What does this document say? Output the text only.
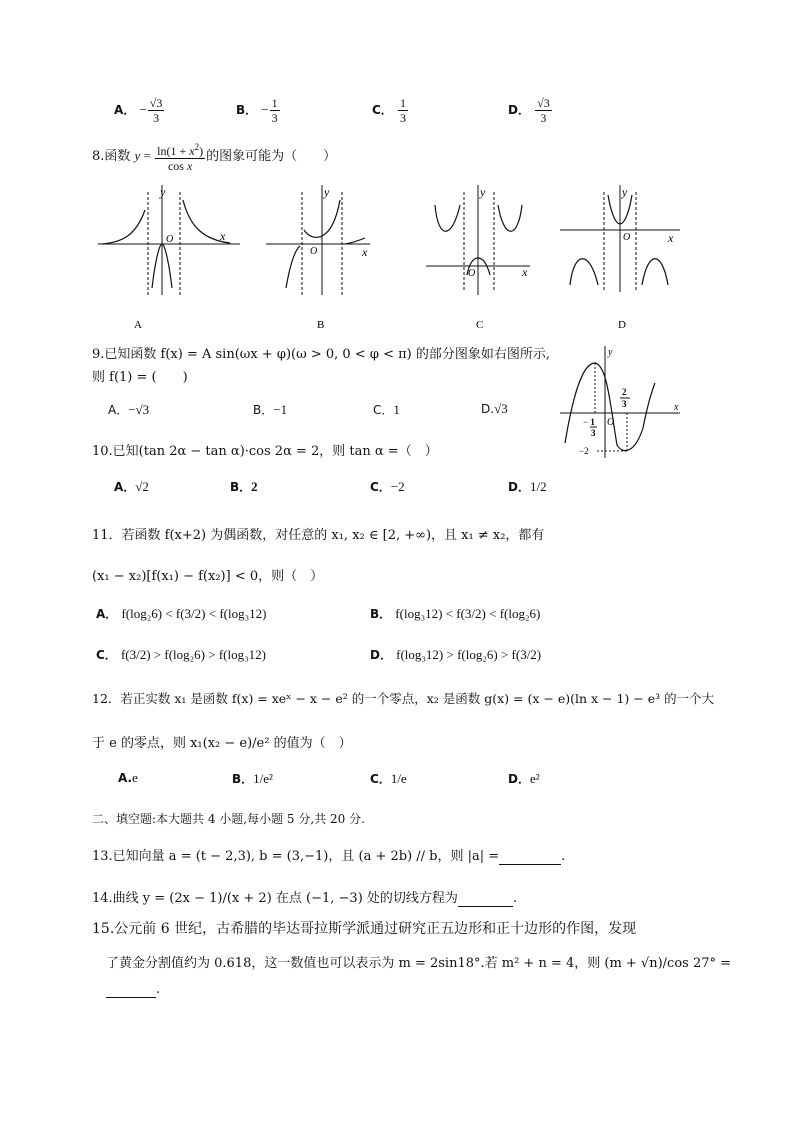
A． − $\frac{√3}{3}$	B． − $\frac{1}{3}$	C． $\frac{1}{3}$	D． $\frac{√3}{3}$
8.函数 $y = \frac{\ln(1 + x^2)}{\text{cos x}}$ 的图象可能为（　　）
y
x
O
A
y
x
O
B
y
x
O
C
y
x
O
D
9.已知函数 f(x) = A sin(ωx + φ)(ω > 0, 0 < φ < π) 的部分图象如右图所示,
则 f(1) = (　　)
A．−√3	B．−1	C．1	D.√3
y
x
O
− 1
3
2
3
−2
10.已知(tan 2α − tan α)·cos 2α = 2，则 tan α =（　）
A．√2	B．2	C．−2	D．1/2
11．若函数 f(x+2) 为偶函数，对任意的 x₁, x₂ ∈ [2, +∞)，且 x₁ ≠ x₂，都有
(x₁ − x₂)[f(x₁) − f(x₂)] < 0，则（　）
A． f(log₂6) < f(3/2) < f(log₃12)	B． f(log₃12) < f(3/2) < f(log₂6)
C． f(3/2) > f(log₂6) > f(log₃12)	D． f(log₃12) > f(log₂6) > f(3/2)
12．若正实数 x₁ 是函数 f(x) = xeˣ − x − e² 的一个零点，x₂ 是函数 g(x) = (x − e)(ln x − 1) − e³ 的一个大
于 e 的零点，则 x₁(x₂ − e)/e² 的值为（　）
A.e	B．1/e²	C．1/e	D．e²
二、填空题:本大题共 4 小题,每小题 5 分,共 20 分.
13.已知向量 a = (t − 2,3), b = (3,−1)，且 (a + 2b) // b，则 |a| =	.
14.曲线 y = (2x − 1)/(x + 2) 在点 (−1, −3) 处的切线方程为	.
15.公元前 6 世纪，古希腊的毕达哥拉斯学派通过研究正五边形和正十边形的作图，发现
了黄金分割值约为 0.618，这一数值也可以表示为 m = 2sin18°.若 m² + n = 4，则 (m + √n)/cos 27° =
.
